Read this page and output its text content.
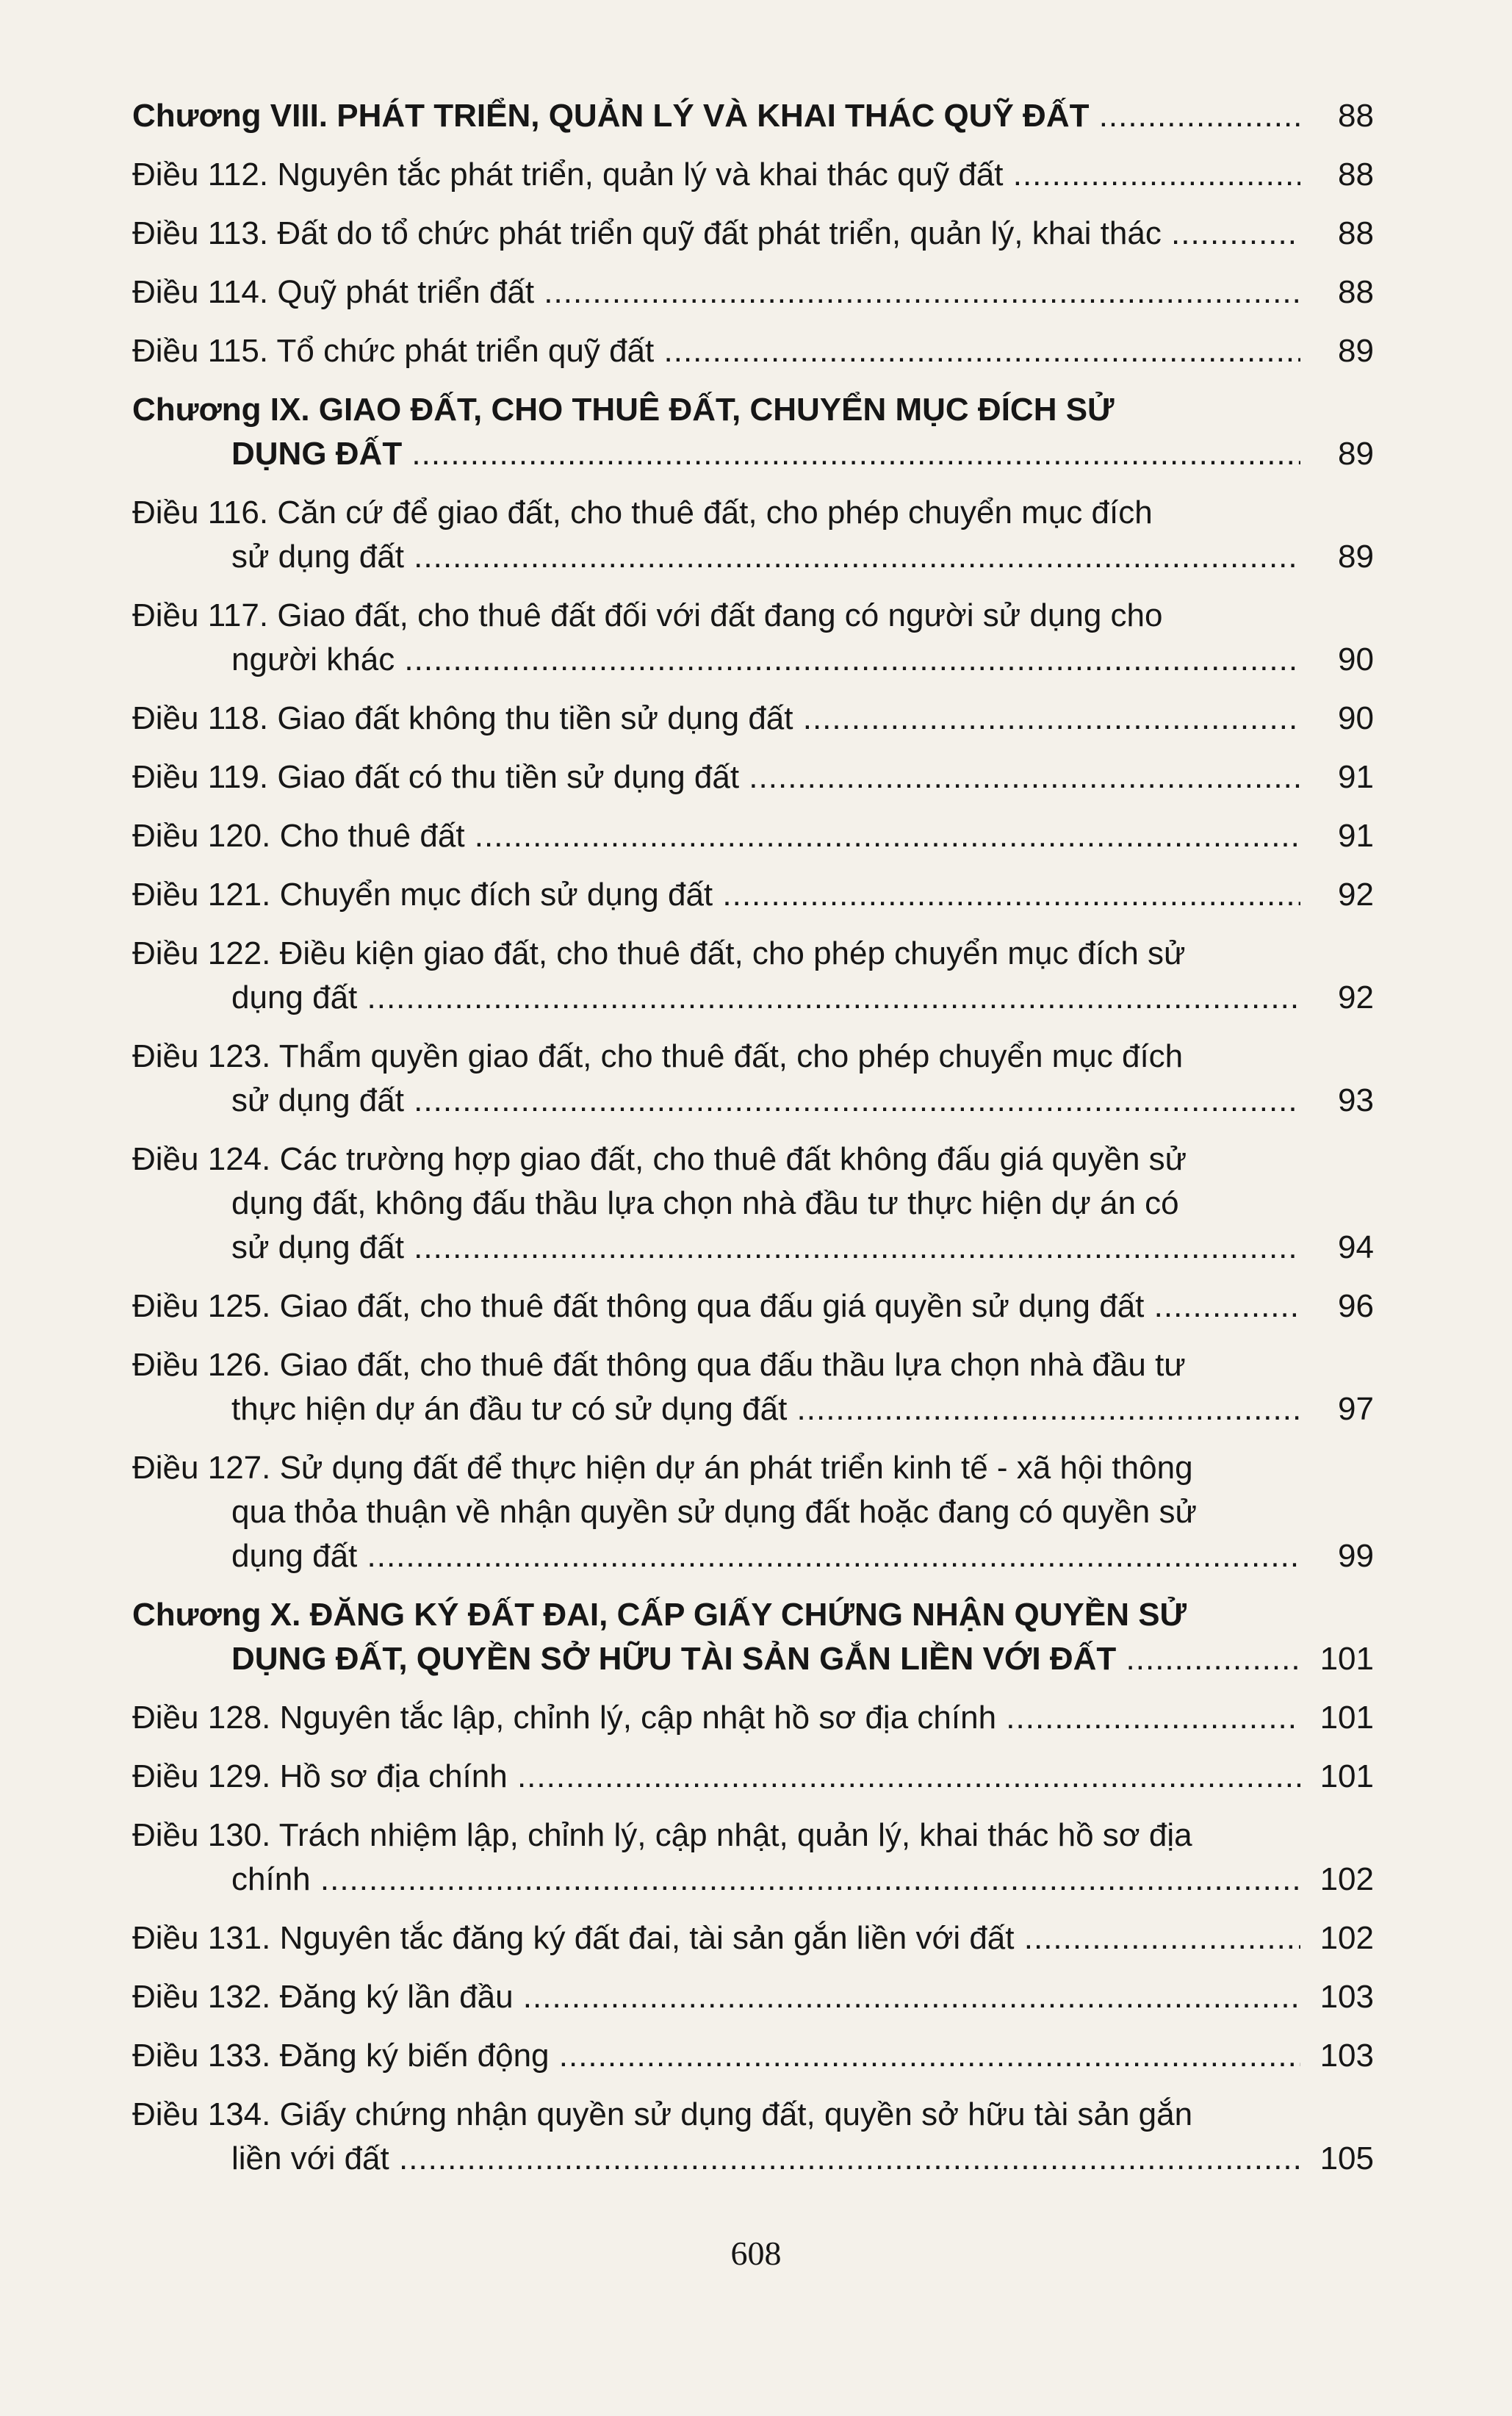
Chương VIII. PHÁT TRIỂN, QUẢN LÝ VÀ KHAI THÁC QUỸ ĐẤT .....	88
Điều 112. Nguyên tắc phát triển, quản lý và khai thác quỹ đất .....	88
Điều 113. Đất do tổ chức phát triển quỹ đất phát triển, quản lý, khai thác .....	88
Điều 114. Quỹ phát triển đất .....	88
Điều 115. Tổ chức phát triển quỹ đất .....	89
Chương IX. GIAO ĐẤT, CHO THUÊ ĐẤT, CHUYỂN MỤC ĐÍCH SỬ
DỤNG ĐẤT .....	89
Điều 116. Căn cứ để giao đất, cho thuê đất, cho phép chuyển mục đích
sử dụng đất .....	89
Điều 117. Giao đất, cho thuê đất đối với đất đang có người sử dụng cho
người khác .....	90
Điều 118. Giao đất không thu tiền sử dụng đất .....	90
Điều 119. Giao đất có thu tiền sử dụng đất .....	91
Điều 120. Cho thuê đất .....	91
Điều 121. Chuyển mục đích sử dụng đất .....	92
Điều 122. Điều kiện giao đất, cho thuê đất, cho phép chuyển mục đích sử
dụng đất .....	92
Điều 123. Thẩm quyền giao đất, cho thuê đất, cho phép chuyển mục đích
sử dụng đất .....	93
Điều 124. Các trường hợp giao đất, cho thuê đất không đấu giá quyền sử
dụng đất, không đấu thầu lựa chọn nhà đầu tư thực hiện dự án có
sử dụng đất .....	94
Điều 125. Giao đất, cho thuê đất thông qua đấu giá quyền sử dụng đất .....	96
Điều 126. Giao đất, cho thuê đất thông qua đấu thầu lựa chọn nhà đầu tư
thực hiện dự án đầu tư có sử dụng đất .....	97
Điều 127. Sử dụng đất để thực hiện dự án phát triển kinh tế - xã hội thông
qua thỏa thuận về nhận quyền sử dụng đất hoặc đang có quyền sử
dụng đất .....	99
Chương X. ĐĂNG KÝ ĐẤT ĐAI, CẤP GIẤY CHỨNG NHẬN QUYỀN SỬ
DỤNG ĐẤT, QUYỀN SỞ HỮU TÀI SẢN GẮN LIỀN VỚI ĐẤT .....	101
Điều 128. Nguyên tắc lập, chỉnh lý, cập nhật hồ sơ địa chính .....	101
Điều 129. Hồ sơ địa chính .....	101
Điều 130. Trách nhiệm lập, chỉnh lý, cập nhật, quản lý, khai thác hồ sơ địa
chính .....	102
Điều 131. Nguyên tắc đăng ký đất đai, tài sản gắn liền với đất .....	102
Điều 132. Đăng ký lần đầu .....	103
Điều 133. Đăng ký biến động .....	103
Điều 134. Giấy chứng nhận quyền sử dụng đất, quyền sở hữu tài sản gắn
liền với đất .....	105
608
